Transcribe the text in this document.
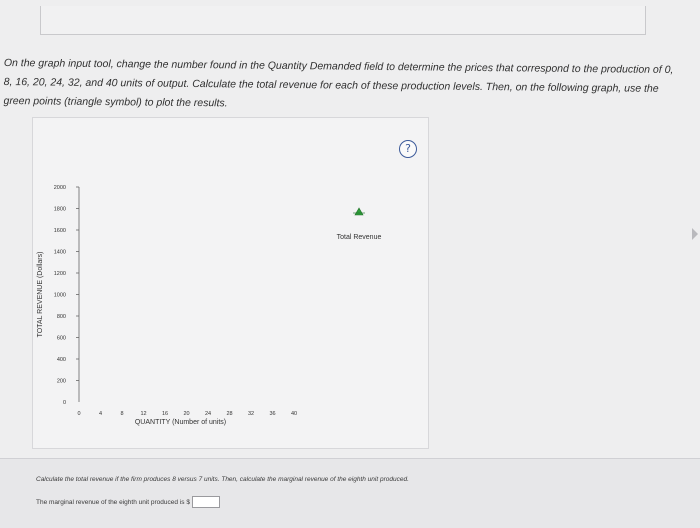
On the graph input tool, change the number found in the Quantity Demanded field to determine the prices that correspond to the production of 0, 8, 16, 20, 24, 32, and 40 units of output. Calculate the total revenue for each of these production levels. Then, on the following graph, use the green points (triangle symbol) to plot the results.
?
0
200
400
600
800
1000
1200
1400
1600
1800
2000
0	4	8	12	16	20	24	28	32	36	40
QUANTITY (Number of units)
TOTAL REVENUE (Dollars)
Total Revenue
Calculate the total revenue if the firm produces 8 versus 7 units. Then, calculate the marginal revenue of the eighth unit produced.
The marginal revenue of the eighth unit produced is $
